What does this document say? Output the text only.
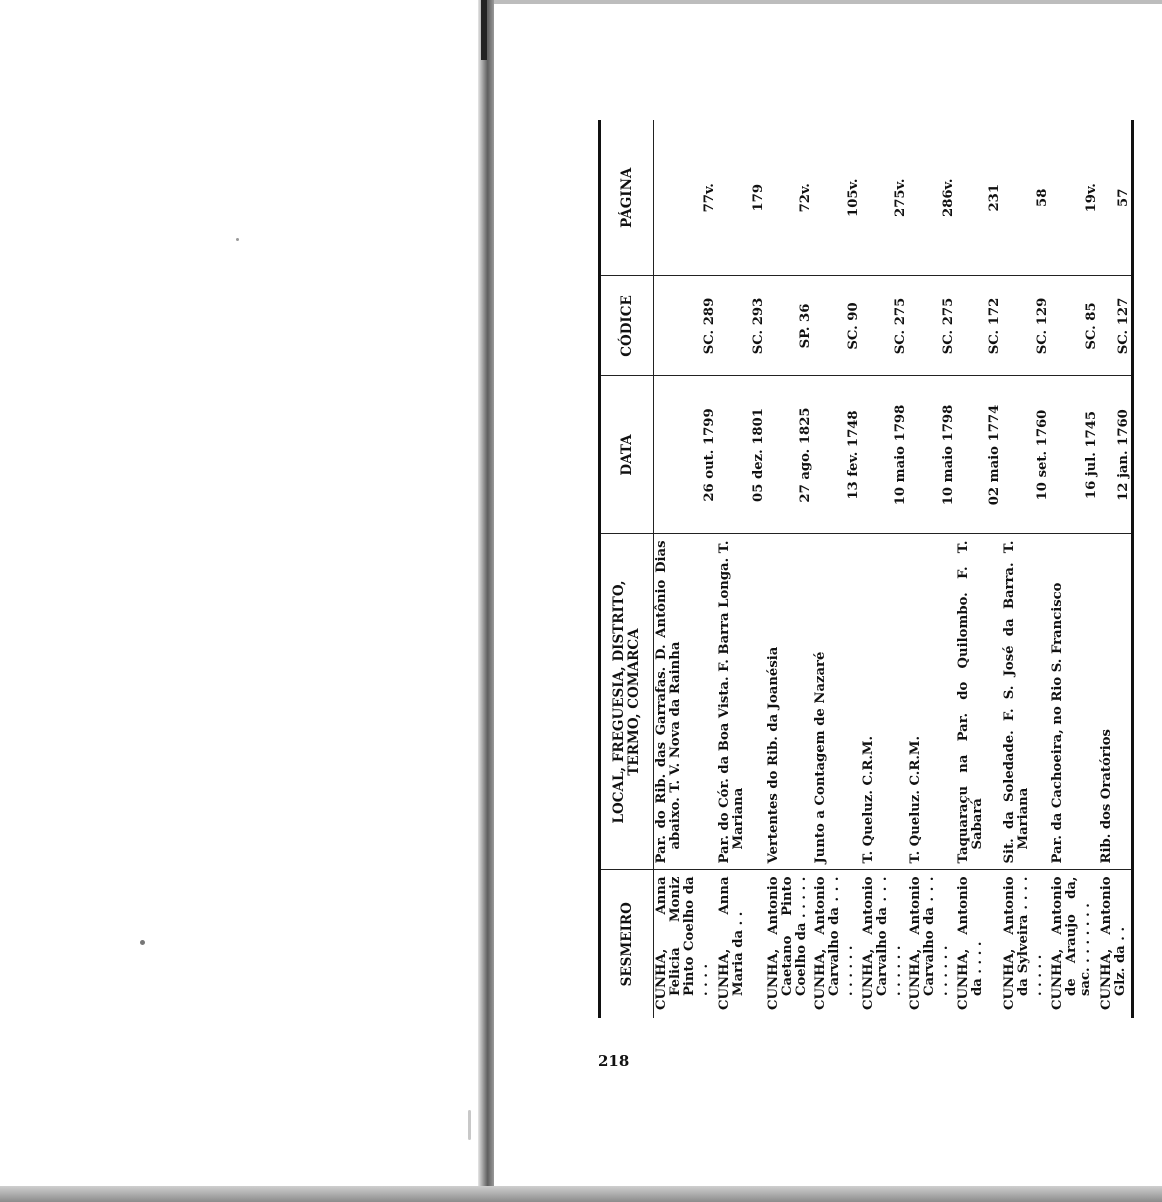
218
SESMEIRO	LOCAL, FREGUESIA, DISTRITO, TERMO, COMARCA	DATA	CÓDICE	PÁGINA

CUNHA, Anna Felicia Moniz Pinto Coelho da . . . .	Par. do Rib. das Garrafas. D. Antônio Dias abaixo. T. V. Nova da Rainha	26 out. 1799	SC. 289	77v.

CUNHA, Anna Maria da . .	Par. do Cór. da Boa Vista. F. Barra Longa. T. Mariana	05 dez. 1801	SC. 293	179

CUNHA, Antonio Caetano Pinto Coelho da . . . . .	Vertentes do Rib. da Joanésia	27 ago. 1825	SP. 36	72v.

CUNHA, Antonio Carvalho da . . . . . . . . .	Junto a Contagem de Nazaré	13 fev. 1748	SC. 90	105v.

CUNHA, Antonio Carvalho da . . . . . . . . .	T. Queluz. C.R.M.	10 maio 1798	SC. 275	275v.

CUNHA, Antonio Carvalho da . . . . . . . . .	T. Queluz. C.R.M.	10 maio 1798	SC. 275	286v.

CUNHA, Antonio da . . . .	Taquaraçu na Par. do Quilombo. F. T. Sabará	02 maio 1774	SC. 172	231

CUNHA, Antonio da Sylveira . . . . . . . . .	Sit. da Soledade. F. S. José da Barra. T. Mariana	10 set. 1760	SC. 129	58

CUNHA, Antonio de Araujo da, sac. . . . . . . .	Par. da Cachoeira, no Rio S. Francisco	16 jul. 1745	SC. 85	19v.

CUNHA, Antonio Glz. da . .	Rib. dos Oratórios	12 jan. 1760	SC. 127	57
